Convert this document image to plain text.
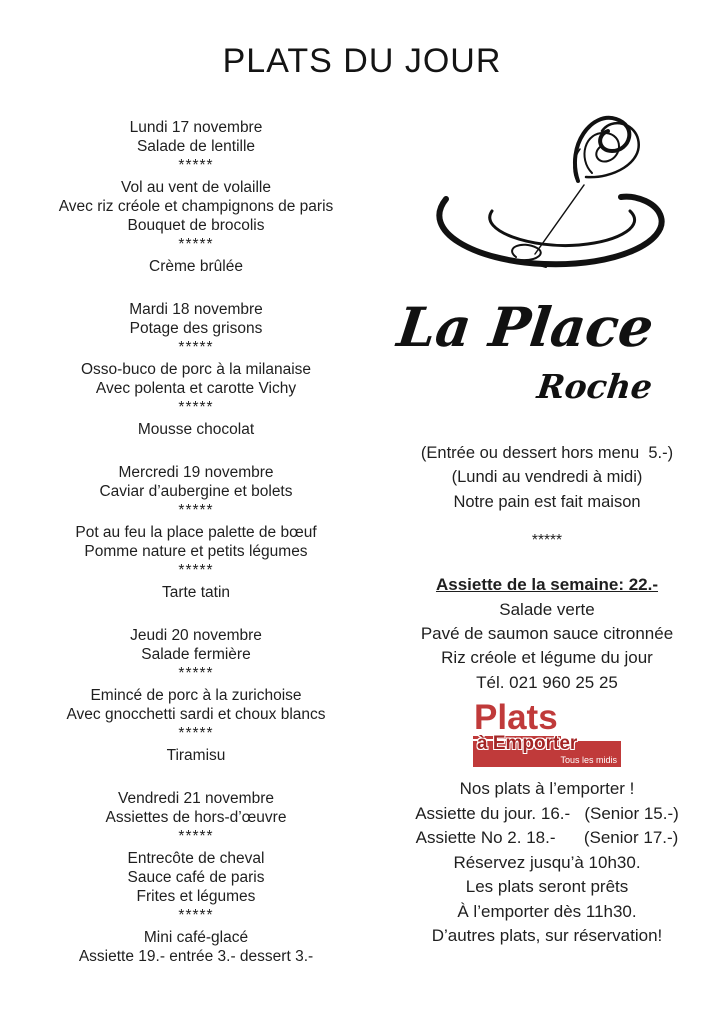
PLATS DU JOUR

Lundi 17 novembre

Salade de lentille

*****

Vol au vent de volaille

Avec riz créole et champignons de paris

Bouquet de brocolis

*****

Crème brûlée

Mardi 18 novembre

Potage des grisons

*****

Osso-buco de porc à la milanaise

Avec polenta et carotte Vichy

*****

Mousse chocolat

Mercredi 19 novembre

Caviar d’aubergine et bolets

*****

Pot au feu la place palette de bœuf

Pomme nature et petits légumes

*****

Tarte tatin

Jeudi 20 novembre

Salade fermière

*****

Emincé de porc à la zurichoise

Avec gnocchetti sardi et choux blancs

*****

Tiramisu

Vendredi 21 novembre

Assiettes de hors-d’œuvre

*****

Entrecôte de cheval

Sauce café de paris

Frites et légumes

*****

Mini café-glacé

Assiette 19.- entrée 3.- dessert 3.-

La Place
Roche

(Entrée ou dessert hors menu  5.-)

(Lundi au vendredi à midi)

Notre pain est fait maison

*****

Assiette de la semaine: 22.-

Salade verte

Pavé de saumon sauce citronnée

Riz créole et légume du jour

Tél. 021 960 25 25

Plats
à Emporter
Tous les midis

Nos plats à l’emporter !

Assiette du jour. 16.-   (Senior 15.-)

Assiette No 2. 18.-      (Senior 17.-)

Réservez jusqu’à 10h30.

Les plats seront prêts

À l’emporter dès 11h30.

D’autres plats, sur réservation!
